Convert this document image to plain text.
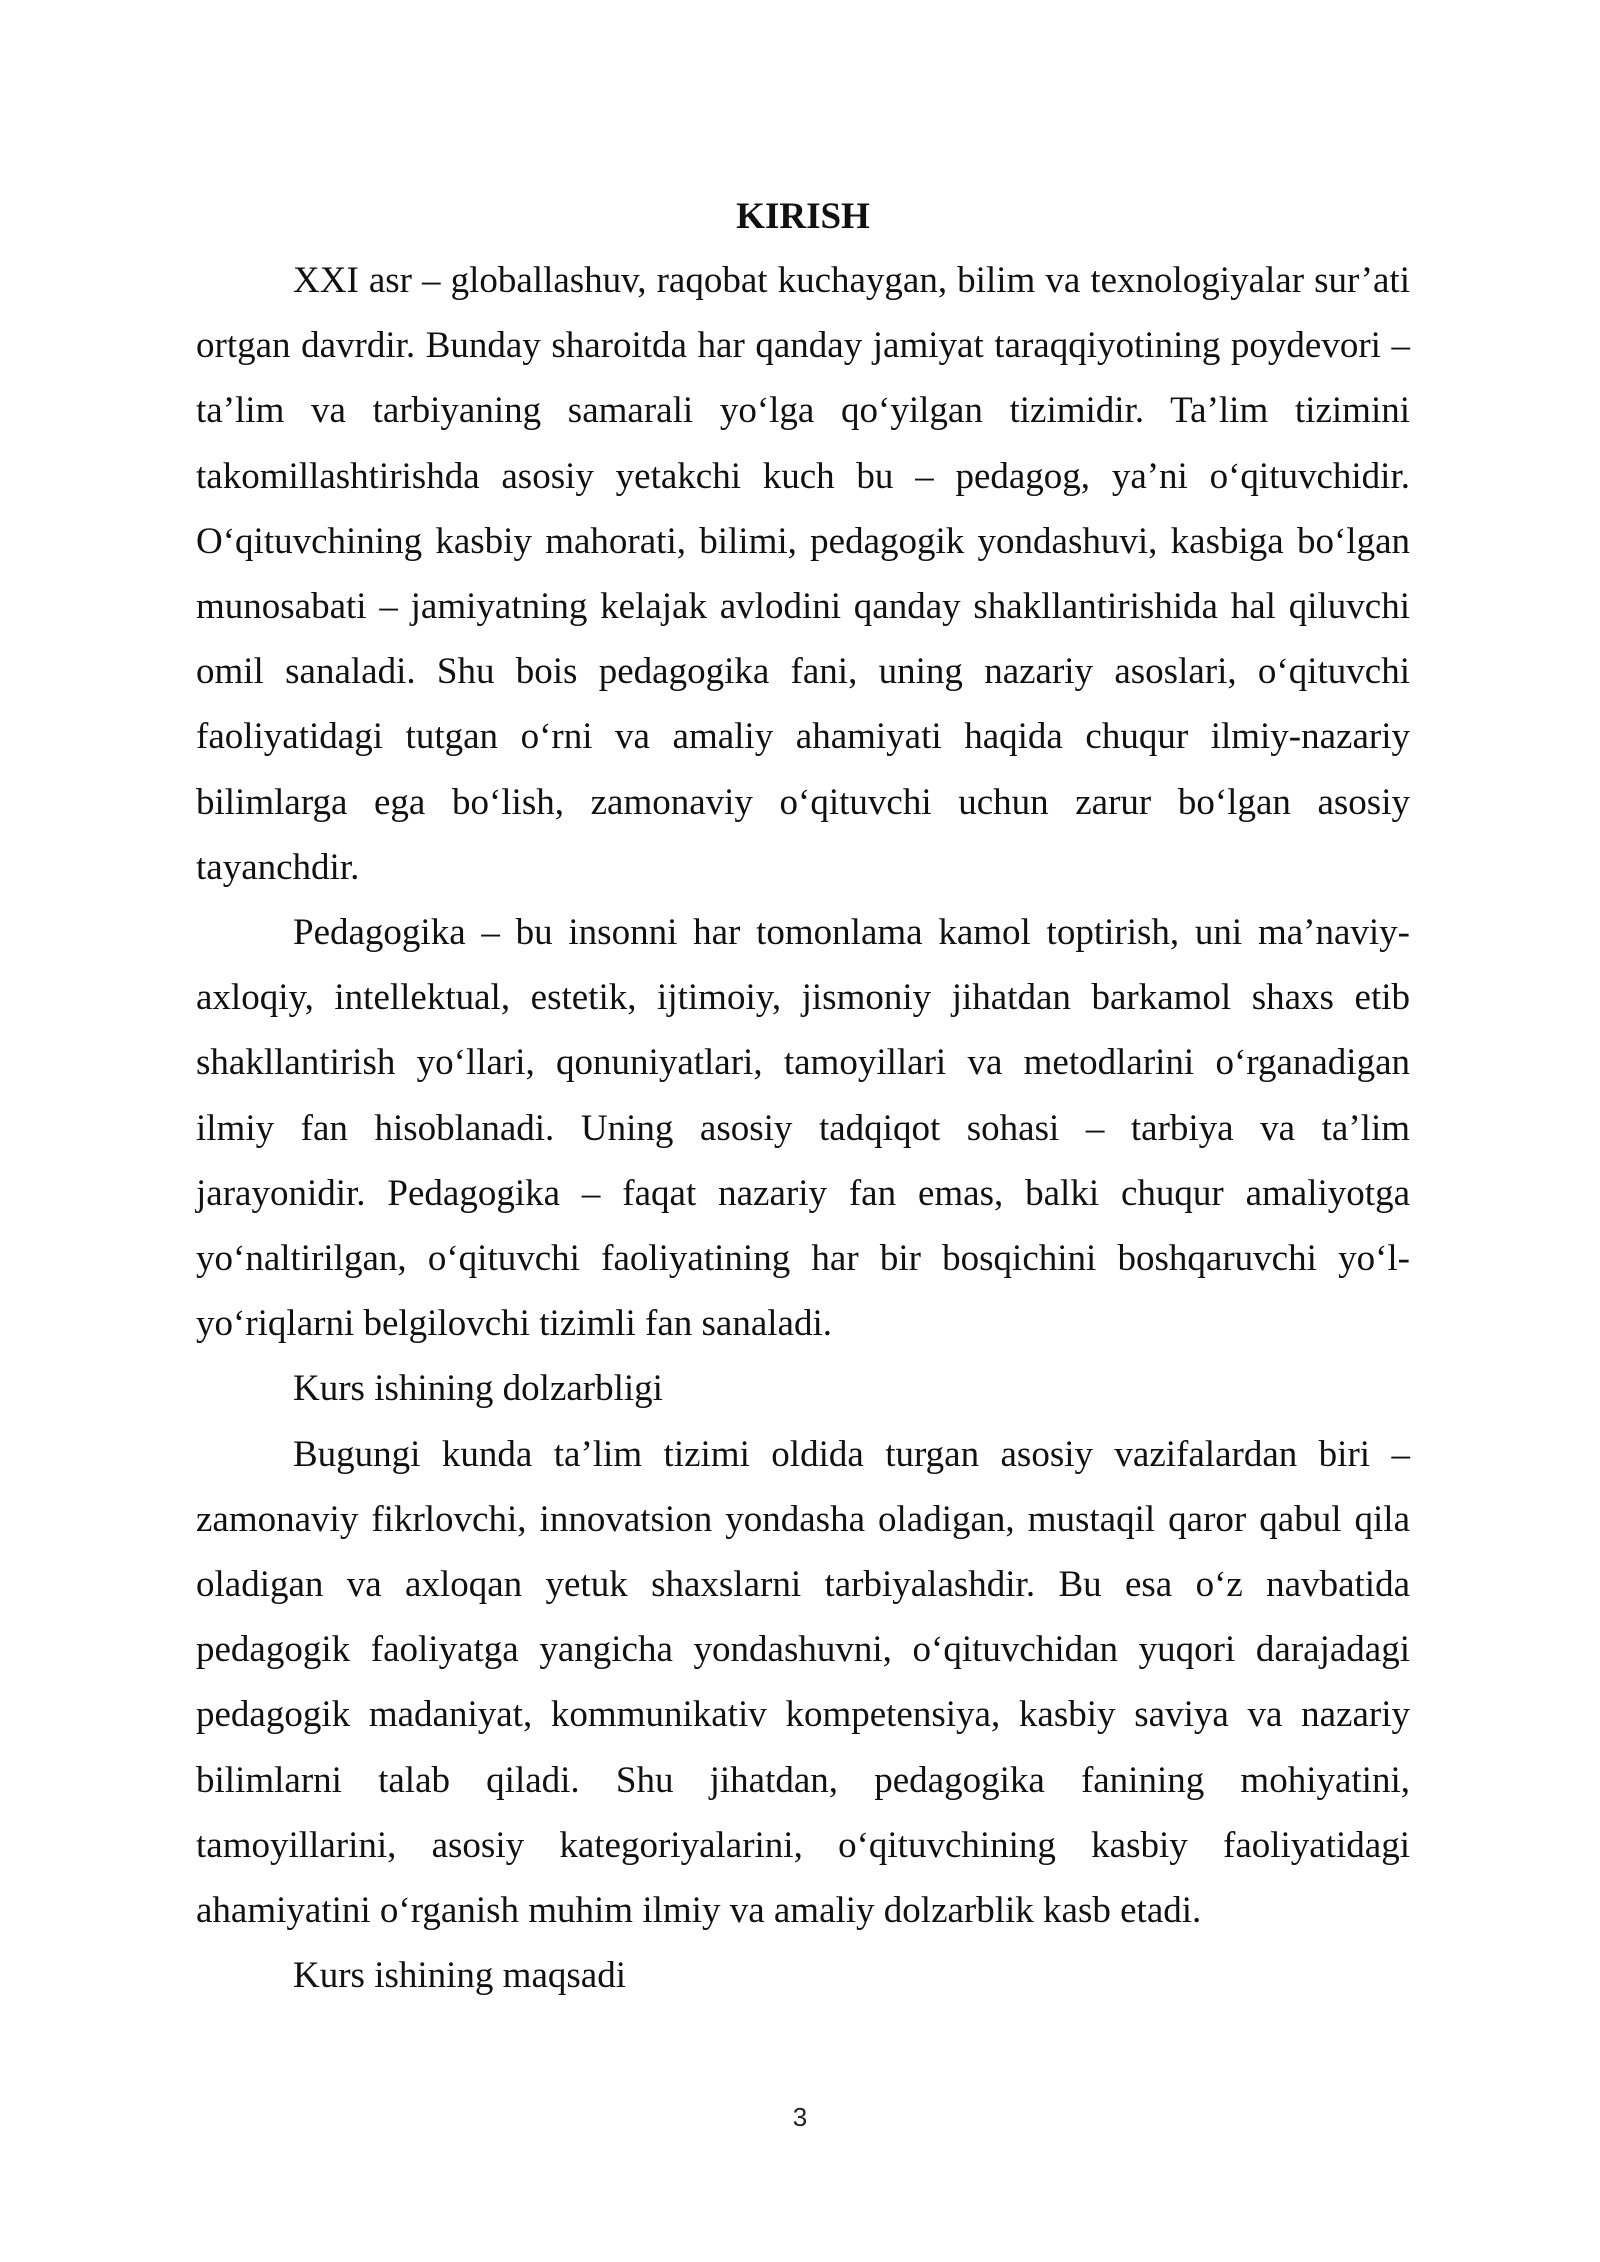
KIRISH

XXI asr – globallashuv, raqobat kuchaygan, bilim va texnologiyalar sur’ati ortgan davrdir. Bunday sharoitda har qanday jamiyat taraqqiyotining poydevori – ta’lim va tarbiyaning samarali yo‘lga qo‘yilgan tizimidir. Ta’lim tizimini takomillashtirishda asosiy yetakchi kuch bu – pedagog, ya’ni o‘qituvchidir. O‘qituvchining kasbiy mahorati, bilimi, pedagogik yondashuvi, kasbiga bo‘lgan munosabati – jamiyatning kelajak avlodini qanday shakllantirishida hal qiluvchi omil sanaladi. Shu bois pedagogika fani, uning nazariy asoslari, o‘qituvchi faoliyatidagi tutgan o‘rni va amaliy ahamiyati haqida chuqur ilmiy-nazariy bilimlarga ega bo‘lish, zamonaviy o‘qituvchi uchun zarur bo‘lgan asosiy tayanchdir.

Pedagogika – bu insonni har tomonlama kamol toptirish, uni ma’naviy-axloqiy, intellektual, estetik, ijtimoiy, jismoniy jihatdan barkamol shaxs etib shakllantirish yo‘llari, qonuniyatlari, tamoyillari va metodlarini o‘rganadigan ilmiy fan hisoblanadi. Uning asosiy tadqiqot sohasi – tarbiya va ta’lim jarayonidir. Pedagogika – faqat nazariy fan emas, balki chuqur amaliyotga yo‘naltirilgan, o‘qituvchi faoliyatining har bir bosqichini boshqaruvchi yo‘l-yo‘riqlarni belgilovchi tizimli fan sanaladi.

Kurs ishining dolzarbligi

Bugungi kunda ta’lim tizimi oldida turgan asosiy vazifalardan biri – zamonaviy fikrlovchi, innovatsion yondasha oladigan, mustaqil qaror qabul qila oladigan va axloqan yetuk shaxslarni tarbiyalashdir. Bu esa o‘z navbatida pedagogik faoliyatga yangicha yondashuvni, o‘qituvchidan yuqori darajadagi pedagogik madaniyat, kommunikativ kompetensiya, kasbiy saviya va nazariy bilimlarni talab qiladi. Shu jihatdan, pedagogika fanining mohiyatini, tamoyillarini, asosiy kategoriyalarini, o‘qituvchining kasbiy faoliyatidagi ahamiyatini o‘rganish muhim ilmiy va amaliy dolzarblik kasb etadi.

Kurs ishining maqsadi

3
